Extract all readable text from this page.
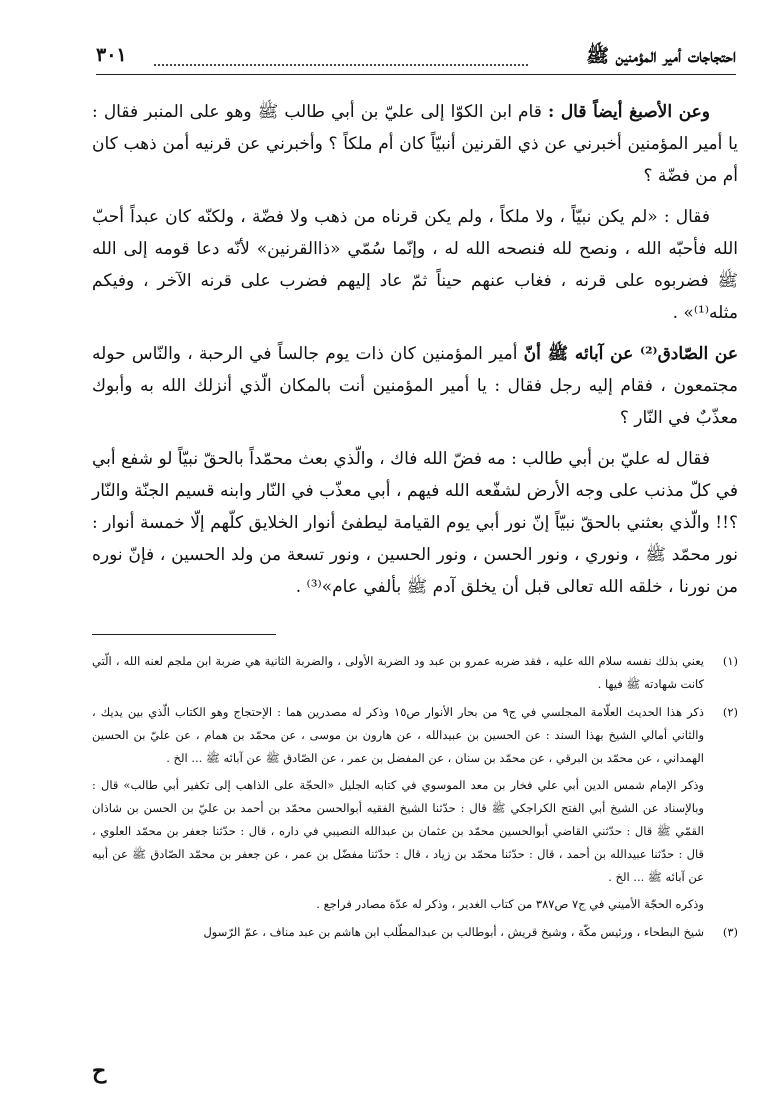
احتجاجات أمير المؤمنين ﷺ
٣٠١

وعن الأصبغ أيضاً قال : قام ابن الكوّا إلى عليّ بن أبي طالب ﷺ وهو على المنبر فقال : يا أمير المؤمنين أخبرني عن ذي القرنين أنبيّاً كان أم ملكاً ؟ وأخبرني عن قرنيه أمن ذهب كان أم من فضّة ؟

فقال : «لم يكن نبيّاً ، ولا ملكاً ، ولم يكن قرناه من ذهب ولا فضّة ، ولكنّه كان عبداً أحبّ الله فأحبّه الله ، ونصح لله فنصحه الله له ، وإنّما سُمّي «ذاالقرنين» لأنّه دعا قومه إلى الله ﷺ فضربوه على قرنه ، فغاب عنهم حيناً ثمّ عاد إليهم فضرب على قرنه الآخر ، وفيكم مثله⁽¹⁾» .

عن الصّادق⁽²⁾ عن آبائه ﷺ أنّ أمير المؤمنين كان ذات يوم جالساً في الرحبة ، والنّاس حوله مجتمعون ، فقام إليه رجل فقال : يا أمير المؤمنين أنت بالمكان الّذي أنزلك الله به وأبوك معذّبٌ في النّار ؟

فقال له عليّ بن أبي طالب : مه فضّ الله فاك ، والّذي بعث محمّداً بالحقّ نبيّاً لو شفع أبي في كلّ مذنب على وجه الأرض لشفّعه الله فيهم ، أبي معذّب في النّار وابنه قسيم الجنّة والنّار ؟!! والّذي بعثني بالحقّ نبيّاً إنّ نور أبي يوم القيامة ليطفئ أنوار الخلايق كلّهم إلّا خمسة أنوار : نور محمّد ﷺ ، ونوري ، ونور الحسن ، ونور الحسين ، ونور تسعة من ولد الحسين ، فإنّ نوره من نورنا ، خلقه الله تعالى قبل أن يخلق آدم ﷺ بألفي عام»⁽³⁾ .

(١)

يعني بذلك نفسه سلام الله عليه ، فقد ضربه عمرو بن عبد ود الضربة الأولى ، والضربة الثانية هي ضربة ابن ملجم لعنه الله ، الّتي كانت شهادته ﷺ فيها .

(٢)

ذكر هذا الحديث العلّامة المجلسي في ج٩ من بحار الأنوار ص١٥ وذكر له مصدرين هما : الإحتجاج وهو الكتاب الّذي بين يديك ، والثاني أمالي الشيخ بهذا السند : عن الحسين بن عبيدالله ، عن هارون بن موسى ، عن محمّد بن همام ، عن عليّ بن الحسين الهمداني ، عن محمّد بن البرقي ، عن محمّد بن سنان ، عن المفضل بن عمر ، عن الصّادق ﷺ عن آبائه ﷺ ... الخ .

وذكر الإمام شمس الدين أبي علي فخار بن معد الموسوي في كتابه الجليل «الحجّة على الذاهب إلى تكفير أبي طالب» قال : وبالإسناد عن الشيخ أبي الفتح الكراجكي ﷺ قال : حدّثنا الشيخ الفقيه أبوالحسن محمّد بن أحمد بن عليّ بن الحسن بن شاذان القمّي ﷺ قال : حدّثني القاضي أبوالحسين محمّد بن عثمان بن عبدالله النصيبي في داره ، قال : حدّثنا جعفر بن محمّد العلوي ، قال : حدّثنا عبيدالله بن أحمد ، قال : حدّثنا محمّد بن زياد ، قال : حدّثنا مفضّل بن عمر ، عن جعفر بن محمّد الصّادق ﷺ عن أبيه عن آبائه ﷺ ... الخ .

وذكره الحجّة الأميني في ج٧ ص٣٨٧ من كتاب الغدير ، وذكر له عدّة مصادر فراجع .

(٣)

شيخ البطحاء ، ورئيس مكّة ، وشيخ قريش ، أبوطالب بن عبدالمطّلب ابن هاشم بن عبد مناف ، عمّ الرّسول

ح
